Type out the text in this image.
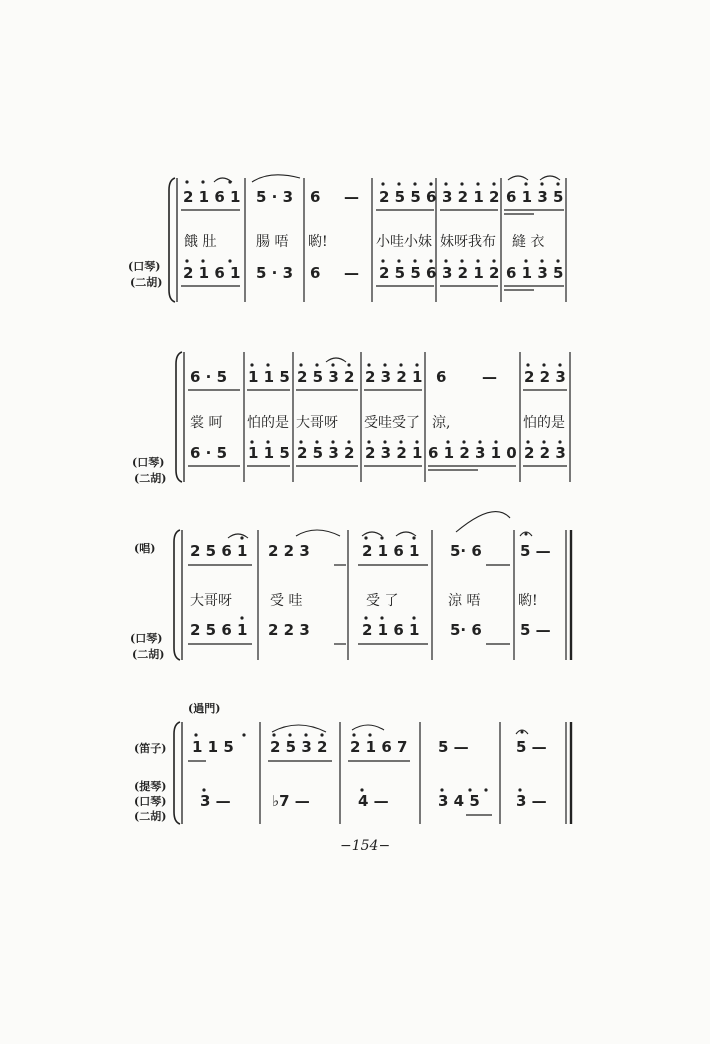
(口琴)
(二胡)
2 1 6 1 5 · 3 6 — 2 5 5 6 3 2 1 2 6 1 3 5
餓 肚	腸 唔 喲!	小哇小妹 妹呀我布 縫 衣
2 1 6 1 5 · 3 6 — 2 5 5 6 3 2 1 2 6 1 3 5
(口琴)
(二胡)
6 · 5 1 1 5 2 5 3 2 2 3 2 1 6 — 2 2 3
裳 呵 怕的是 大哥呀 受哇受了 涼,	怕的是
6 · 5 1 1 5 2 5 3 2 2 3 2 1 6 1 2 3 1 0 2 2 3
(唱)
(口琴)
(二胡)
2 5 6 1 2 2 3	2 1 6 1 5· 6	5 —
大哥呀	受 哇	受 了	涼 唔	喲!
2 5 6 1 2 2 3	2 1 6 1 5· 6	5 —
(過門)
(笛子)
(提琴)
(口琴)
(二胡)
1 1 5 2 5 3 2 2 1 6 7 5 —	5 —
3 —	♭7 —	4 —	3 4 5 3 —
−154−
